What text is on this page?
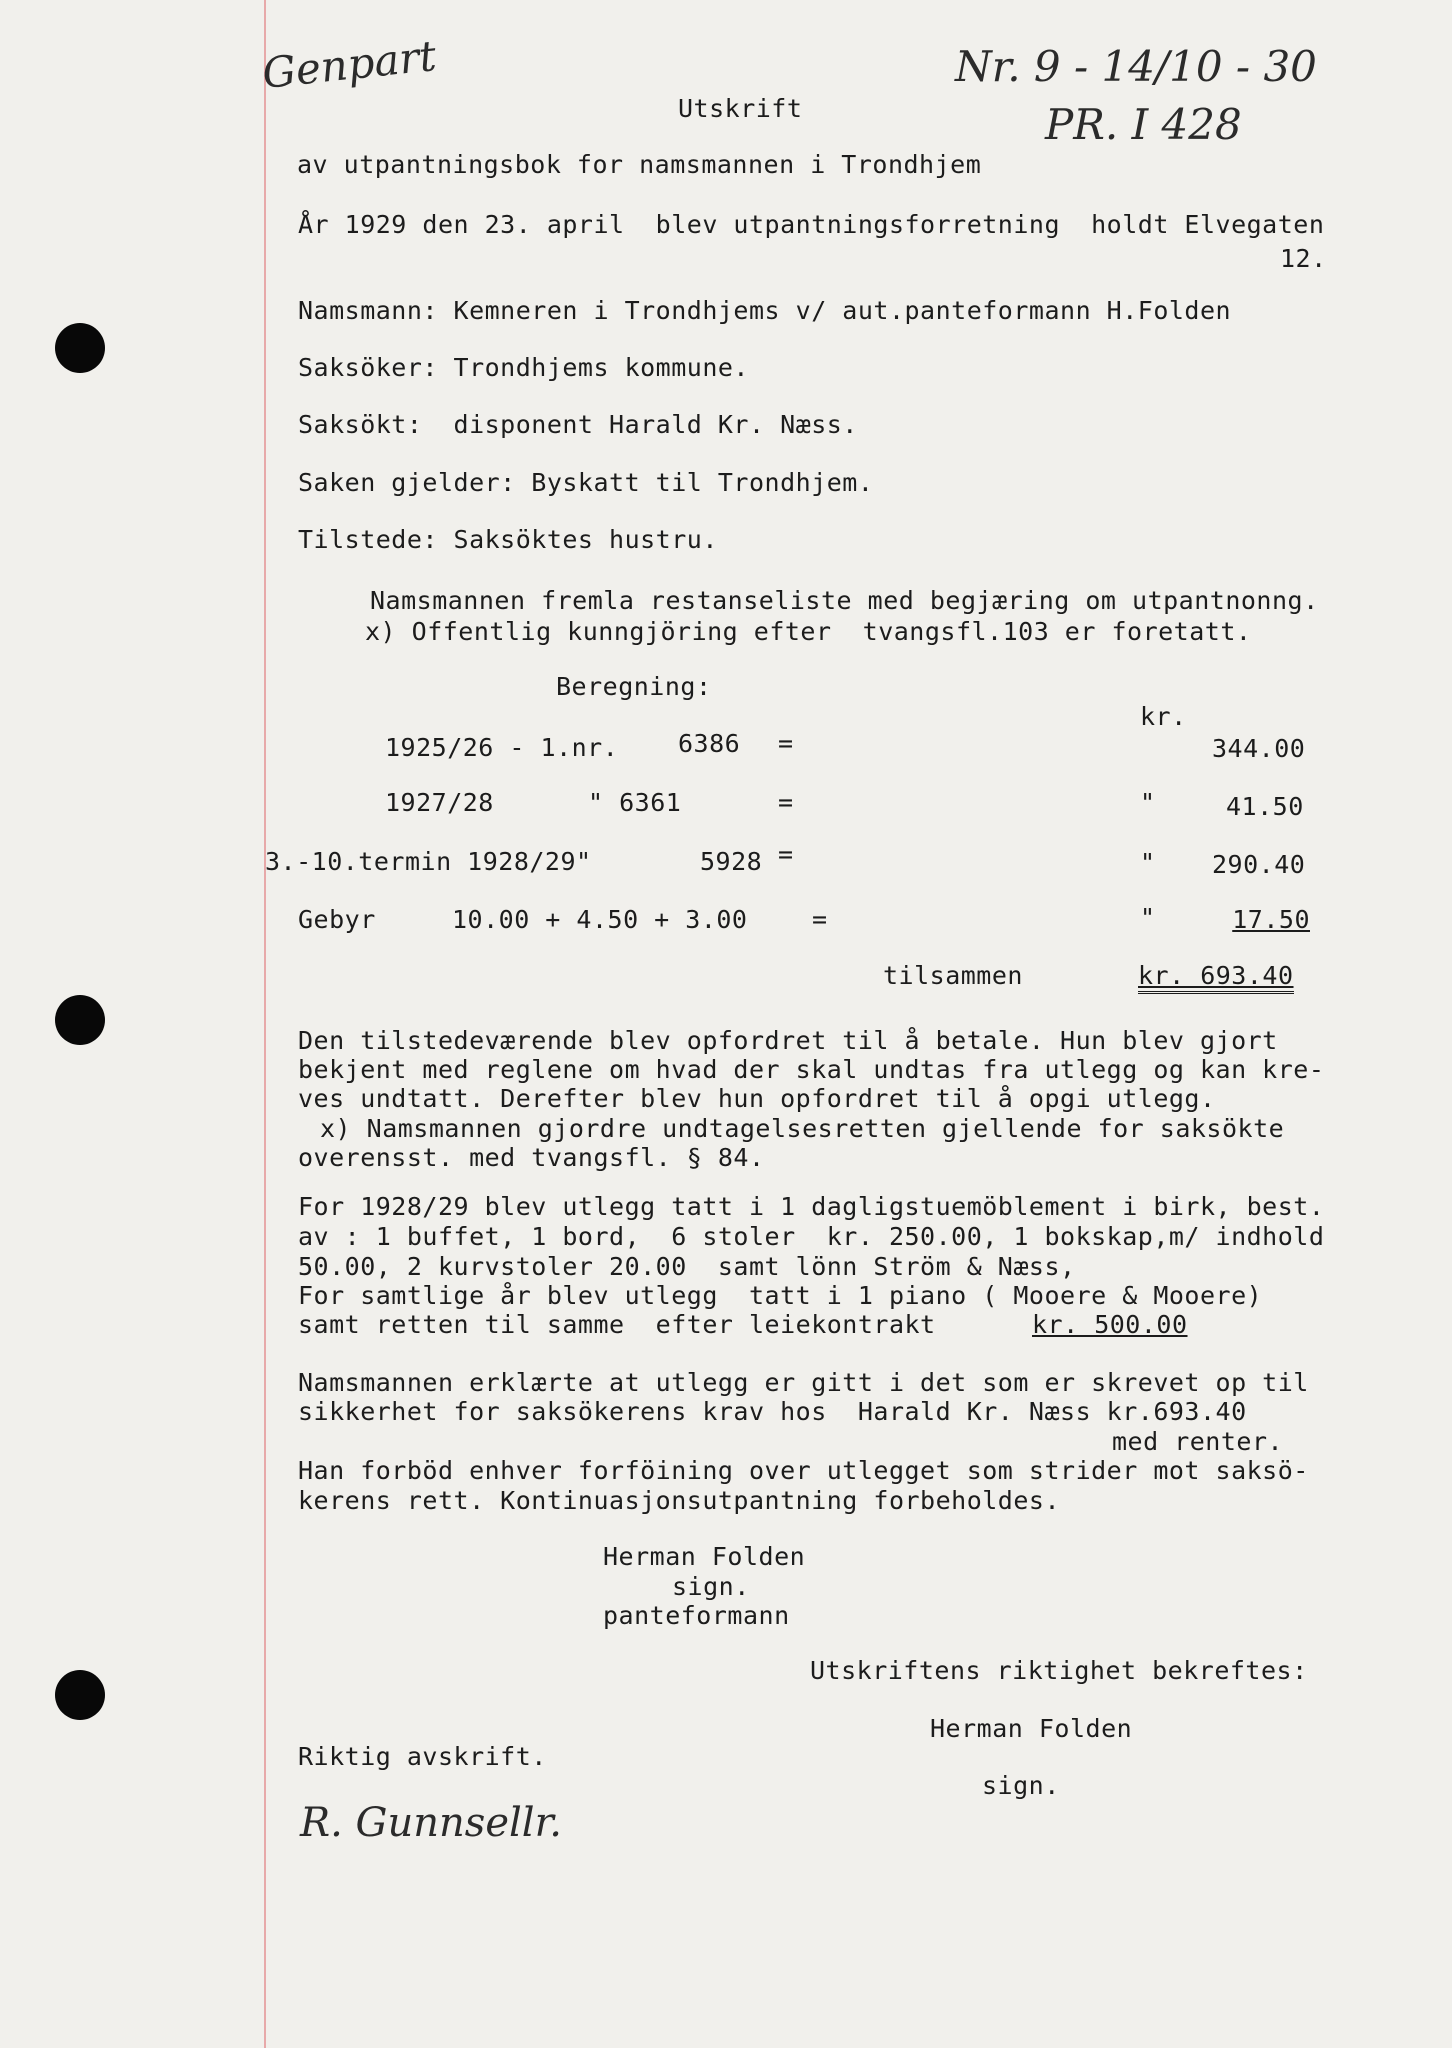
Genpart	Nr. 9 - 14/10 - 30
PR. I 428
Utskrift
av utpantningsbok for namsmannen i Trondhjem
År 1929 den 23. april  blev utpantningsforretning  holdt Elvegaten
12.
Namsmann: Kemneren i Trondhjems v/ aut.panteformann H.Folden
Saksöker: Trondhjems kommune.
Saksökt:  disponent Harald Kr. Næss.
Saken gjelder: Byskatt til Trondhjem.
Tilstede: Saksöktes hustru.
Namsmannen fremla restanseliste med begjæring om utpantnonng.
x) Offentlig kunngjöring efter  tvangsfl.103 er foretatt.
Beregning:
kr.
1925/26 - 1.nr. 6386 =	344.00
1927/28	" 6361	=	"	41.50
3.-10.termin 1928/29"	5928 =	" 290.40
Gebyr	10.00 + 4.50 + 3.00	=	"	17.50
tilsammen	kr. 693.40
Den tilstedeværende blev opfordret til å betale. Hun blev gjort
bekjent med reglene om hvad der skal undtas fra utlegg og kan kre-
ves undtatt. Derefter blev hun opfordret til å opgi utlegg.
x) Namsmannen gjordre undtagelsesretten gjellende for saksökte
overensst. med tvangsfl. § 84.
For 1928/29 blev utlegg tatt i 1 dagligstuemöblement i birk, best.
av : 1 buffet, 1 bord,  6 stoler  kr. 250.00, 1 bokskap,m/ indhold
50.00, 2 kurvstoler 20.00  samt lönn Ström & Næss,
For samtlige år blev utlegg  tatt i 1 piano ( Mooere & Mooere)
samt retten til samme  efter leiekontrakt	kr. 500.00
Namsmannen erklærte at utlegg er gitt i det som er skrevet op til
sikkerhet for saksökerens krav hos  Harald Kr. Næss kr.693.40
med renter.
Han forböd enhver forföining over utlegget som strider mot saksö-
kerens rett. Kontinuasjonsutpantning forbeholdes.
Herman Folden
sign.
panteformann
Utskriftens riktighet bekreftes:
Herman Folden
sign.
Riktig avskrift.
R. Gunnsellr.
